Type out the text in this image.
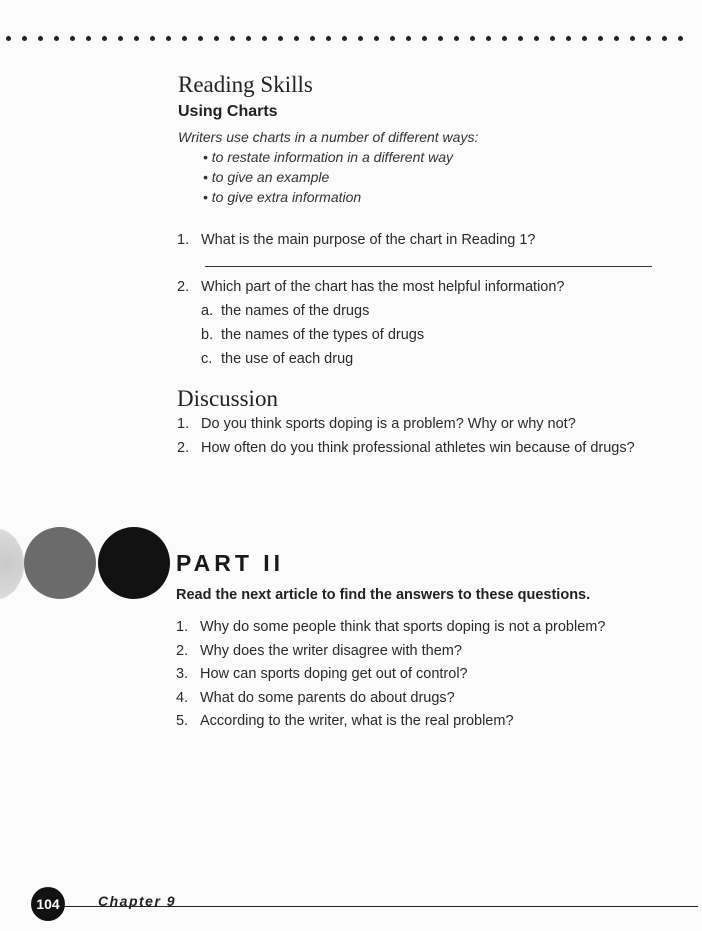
Reading Skills
Using Charts
Writers use charts in a number of different ways:
• to restate information in a different way
• to give an example
• to give extra information
1. What is the main purpose of the chart in Reading 1?
2. Which part of the chart has the most helpful information?
a. the names of the drugs
b. the names of the types of drugs
c. the use of each drug
Discussion
1. Do you think sports doping is a problem? Why or why not?
2. How often do you think professional athletes win because of drugs?
PART II
Read the next article to find the answers to these questions.
1. Why do some people think that sports doping is not a problem?
2. Why does the writer disagree with them?
3. How can sports doping get out of control?
4. What do some parents do about drugs?
5. According to the writer, what is the real problem?
104	Chapter 9
